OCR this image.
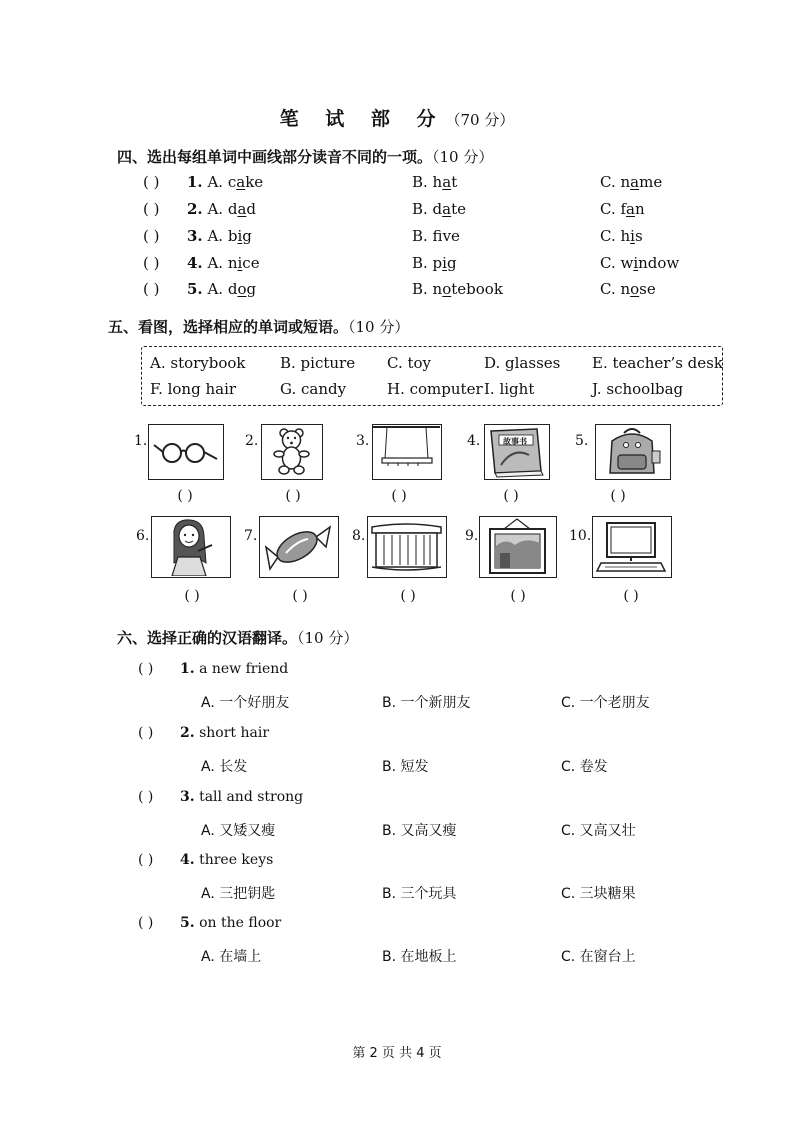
笔 试 部 分（70 分）
四、选出每组单词中画线部分读音不同的一项。（10 分）
( ) 1. A. cake	B. hat	C. name
( ) 2. A. dad	B. date	C. fan
( ) 3. A. big	B. fve	C. his
( ) 4. A. nice	B. pig	C. window
( ) 5. A. dog	B. notebook	C. nose
五、看图，选择相应的单词或短语。（10 分）
A. storybook B. picture C. toy	D. glasses E. teacher’s desk
F. long hair	G. candy	H. computer I. light	J. schoolbag
1.
( )
2.
( )
3.
( )
4.	故事书
( )
5.
( )
6.
( )
7.
( )
8.
( )
9.
( )
10.
( )
六、选择正确的汉语翻译。（10 分）
( ) 1. a new friend
A. 一个好朋友	B. 一个新朋友	C. 一个老朋友
( ) 2. short hair
A. 长发	B. 短发	C. 卷发
( ) 3. tall and strong
A. 又矮又瘦	B. 又高又瘦	C. 又高又壮
( ) 4. three keys
A. 三把钥匙	B. 三个玩具	C. 三块糖果
( ) 5. on the floor
A. 在墙上	B. 在地板上	C. 在窗台上
第 2 页 共 4 页
